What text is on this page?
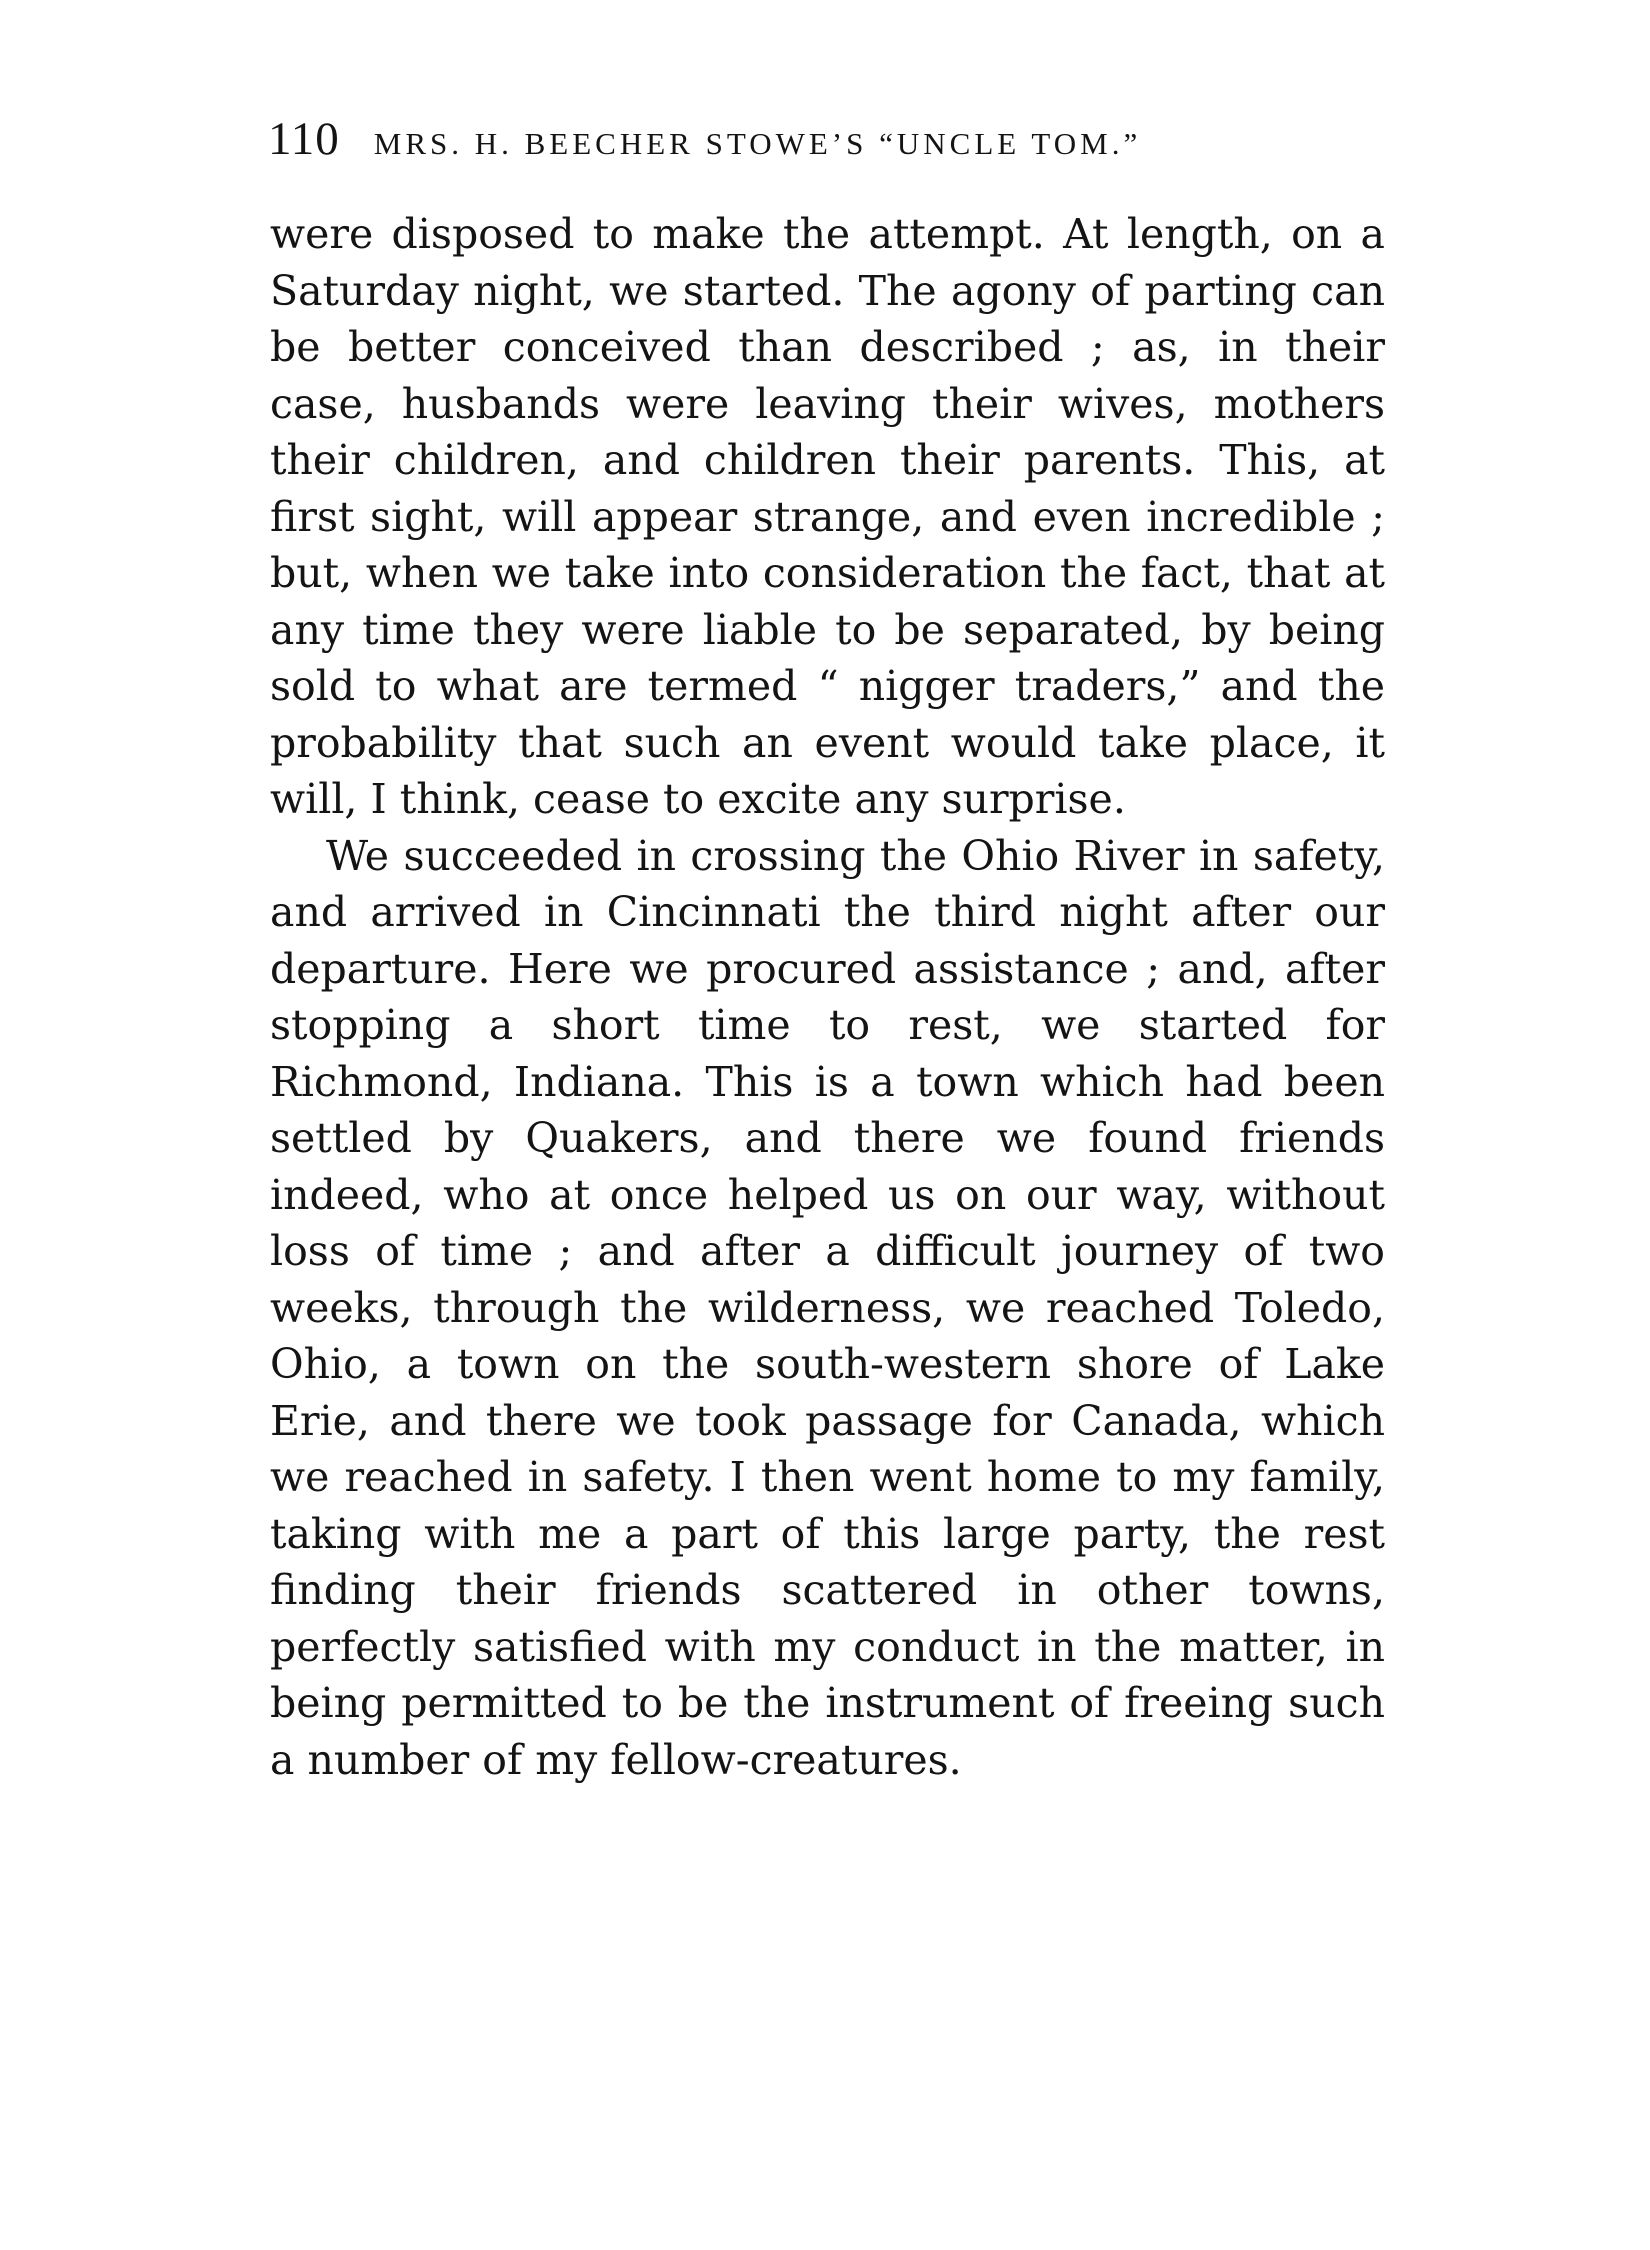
110 MRS. H. BEECHER STOWE’S “UNCLE TOM.”

were disposed to make the attempt. At length, on a Saturday night, we started. The agony of parting can be better conceived than described ; as, in their case, husbands were leaving their wives, mothers their children, and children their parents. This, at first sight, will appear strange, and even incredible ; but, when we take into consideration the fact, that at any time they were liable to be separated, by being sold to what are termed “ nigger traders,” and the probability that such an event would take place, it will, I think, cease to excite any surprise.

We succeeded in crossing the Ohio River in safety, and arrived in Cincinnati the third night after our departure. Here we procured assistance ; and, after stopping a short time to rest, we started for Richmond, Indiana. This is a town which had been settled by Quakers, and there we found friends indeed, who at once helped us on our way, without loss of time ; and after a difficult journey of two weeks, through the wilderness, we reached Toledo, Ohio, a town on the south-western shore of Lake Erie, and there we took passage for Canada, which we reached in safety. I then went home to my family, taking with me a part of this large party, the rest finding their friends scattered in other towns, perfectly satisfied with my conduct in the matter, in being permitted to be the instrument of freeing such a number of my fellow-creatures.
